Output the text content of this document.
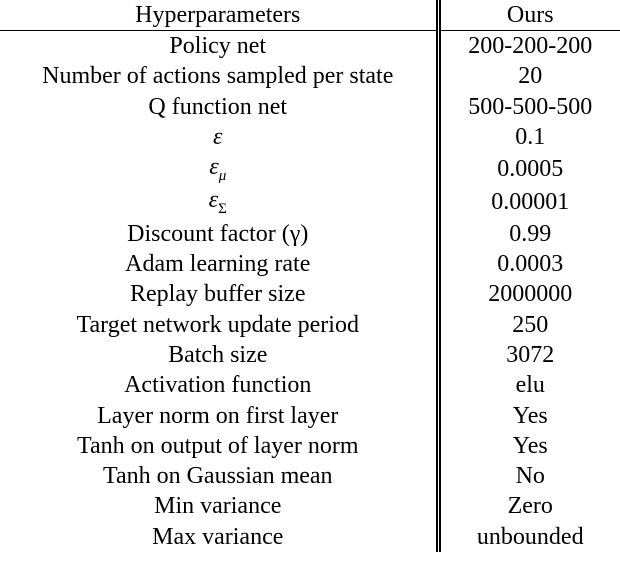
Hyperparameters	Ours
Policy net	200-200-200
Number of actions sampled per state	20
Q function net	500-500-500
ε	0.1
$\varepsilon_\mu$	0.0005
$\varepsilon_\Sigma$	0.00001
Discount factor (γ)	0.99
Adam learning rate	0.0003
Replay buffer size	2000000
Target network update period	250
Batch size	3072
Activation function	elu
Layer norm on first layer	Yes
Tanh on output of layer norm	Yes
Tanh on Gaussian mean	No
Min variance	Zero
Max variance	unbounded
